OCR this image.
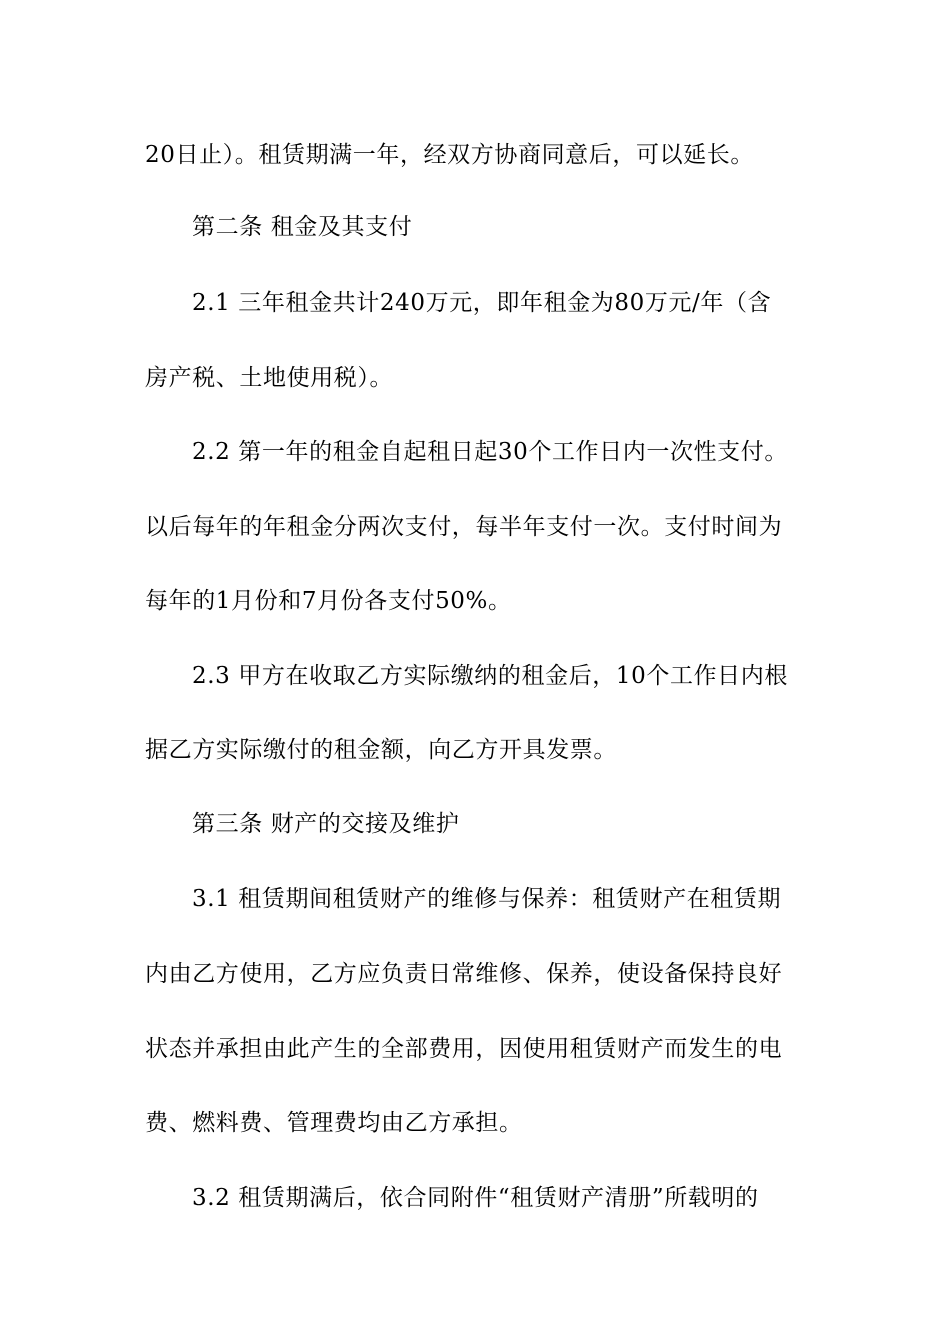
20日止）。租赁期满一年，经双方协商同意后，可以延长。
第二条 租金及其支付
2.1 三年租金共计240万元，即年租金为80万元/年（含
房产税、土地使用税）。
2.2 第一年的租金自起租日起30个工作日内一次性支付。
以后每年的年租金分两次支付，每半年支付一次。支付时间为
每年的1月份和7月份各支付50%。
2.3 甲方在收取乙方实际缴纳的租金后，10个工作日内根
据乙方实际缴付的租金额，向乙方开具发票。
第三条 财产的交接及维护
3.1 租赁期间租赁财产的维修与保养：租赁财产在租赁期
内由乙方使用，乙方应负责日常维修、保养，使设备保持良好
状态并承担由此产生的全部费用，因使用租赁财产而发生的电
费、燃料费、管理费均由乙方承担。
3.2 租赁期满后，依合同附件“租赁财产清册”所载明的
